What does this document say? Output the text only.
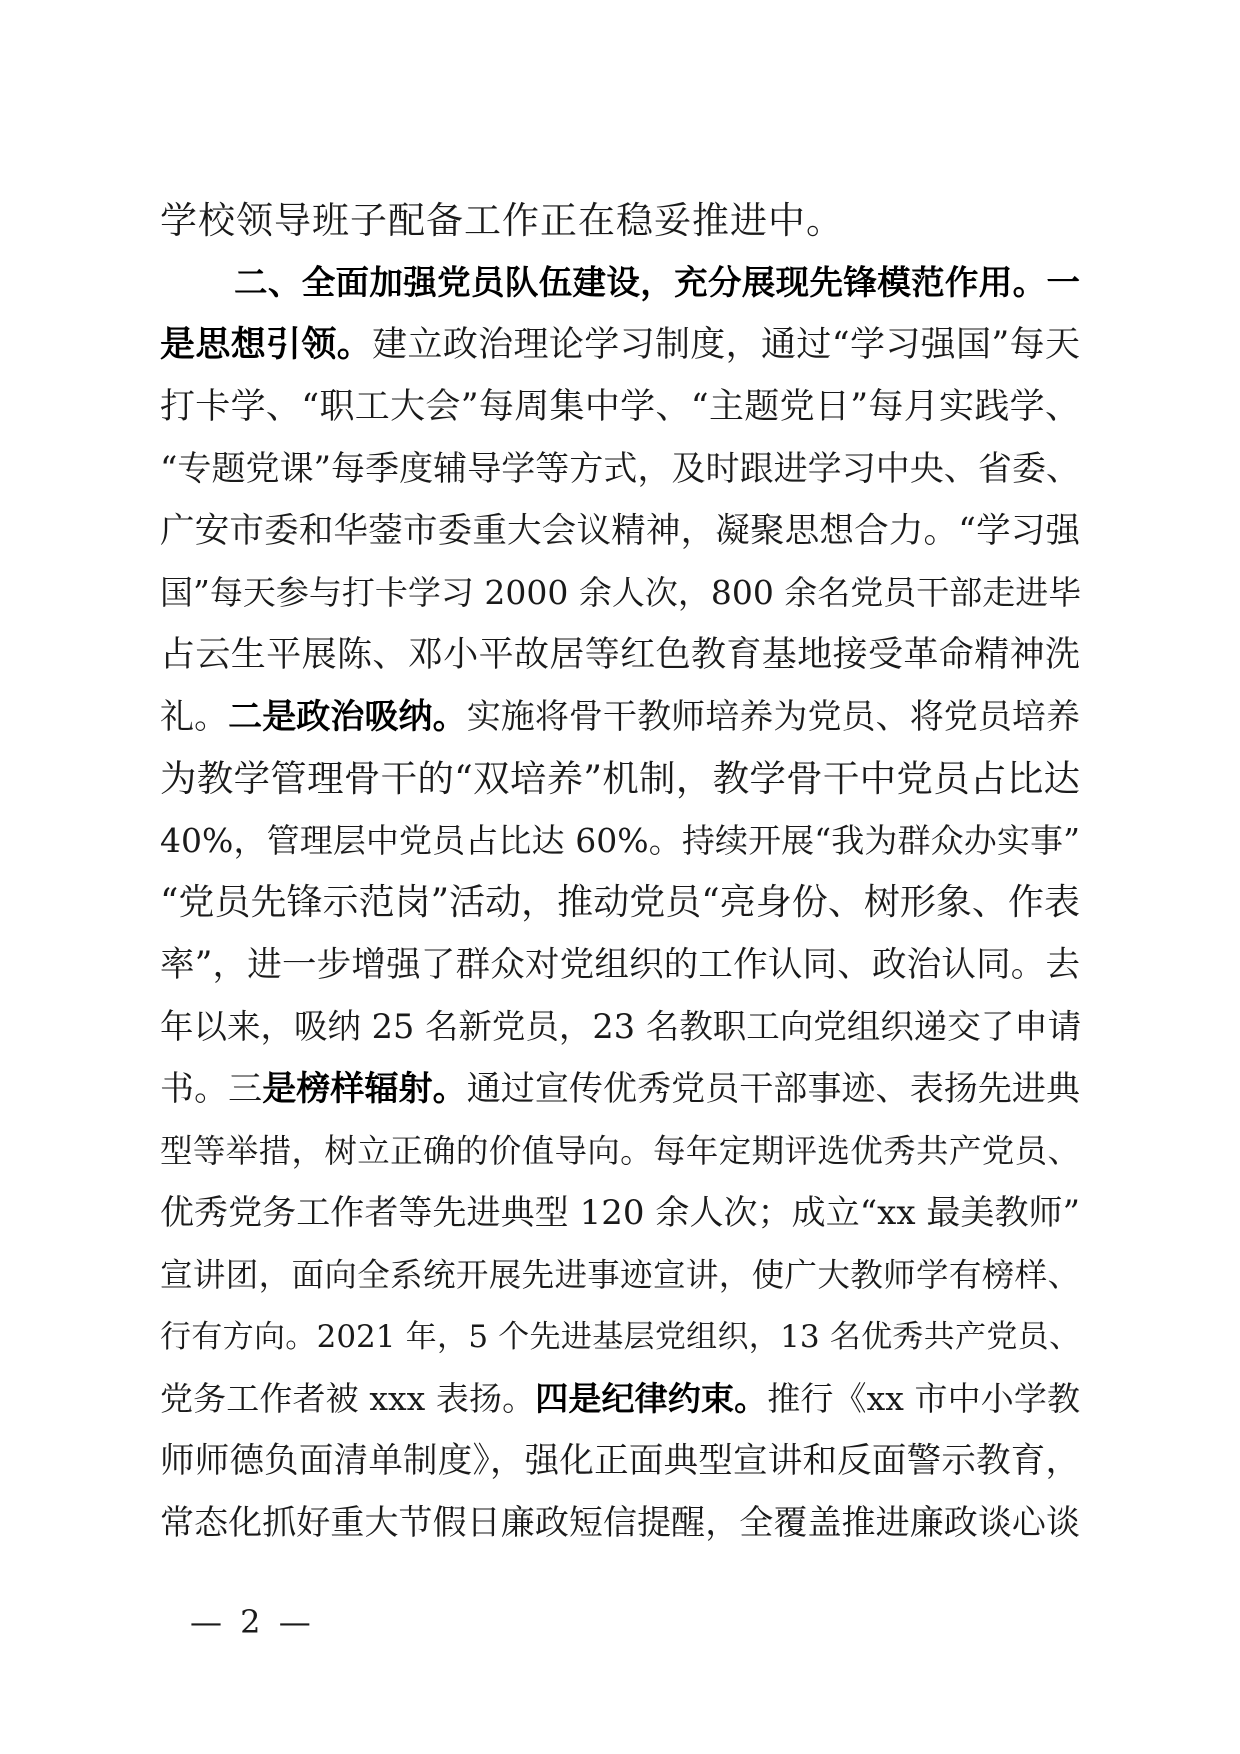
学校领导班子配备工作正在稳妥推进中。
二、全面加强党员队伍建设，充分展现先锋模范作用。一
是思想引领。建立政治理论学习制度，通过“学习强国”每天
打卡学、“职工大会”每周集中学、“主题党日”每月实践学、
“专题党课”每季度辅导学等方式，及时跟进学习中央、省委、
广安市委和华蓥市委重大会议精神，凝聚思想合力。“学习强
国”每天参与打卡学习 2000 余人次，800 余名党员干部走进毕
占云生平展陈、邓小平故居等红色教育基地接受革命精神洗
礼。二是政治吸纳。实施将骨干教师培养为党员、将党员培养
为教学管理骨干的“双培养”机制，教学骨干中党员占比达
40%，管理层中党员占比达 60%。持续开展“我为群众办实事”
“党员先锋示范岗”活动，推动党员“亮身份、树形象、作表
率”，进一步增强了群众对党组织的工作认同、政治认同。去
年以来，吸纳 25 名新党员，23 名教职工向党组织递交了申请
书。三是榜样辐射。通过宣传优秀党员干部事迹、表扬先进典
型等举措，树立正确的价值导向。每年定期评选优秀共产党员、
优秀党务工作者等先进典型 120 余人次；成立“xx 最美教师”
宣讲团，面向全系统开展先进事迹宣讲，使广大教师学有榜样、
行有方向。2021 年，5 个先进基层党组织，13 名优秀共产党员、
党务工作者被 xxx 表扬。四是纪律约束。推行《xx 市中小学教
师师德负面清单制度》，强化正面典型宣讲和反面警示教育，
常态化抓好重大节假日廉政短信提醒，全覆盖推进廉政谈心谈
— 2 —
